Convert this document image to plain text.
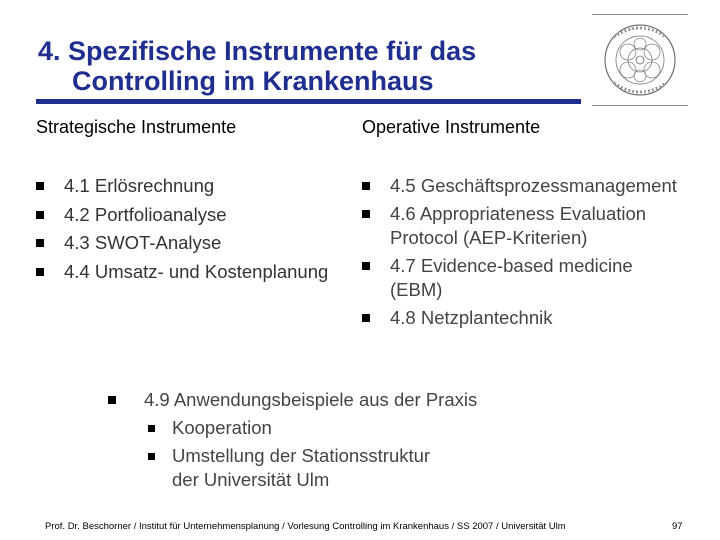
4. Spezifische Instrumente für das
Controlling im Krankenhaus
Strategische Instrumente	Operative Instrumente
4.1 Erlösrechnung
4.2 Portfolioanalyse
4.3 SWOT-Analyse
4.4 Umsatz- und Kostenplanung
4.5 Geschäftsprozessmanagement
4.6 Appropriateness Evaluation
Protocol (AEP-Kriterien)
4.7 Evidence-based medicine
(EBM)
4.8 Netzplantechnik
4.9 Anwendungsbeispiele aus der Praxis
Kooperation
Umstellung der Stationsstruktur
der Universität Ulm
Prof. Dr. Beschorner / Institut für Unternehmensplanung / Vorlesung Controlling im Krankenhaus / SS 2007 / Universität Ulm	97
